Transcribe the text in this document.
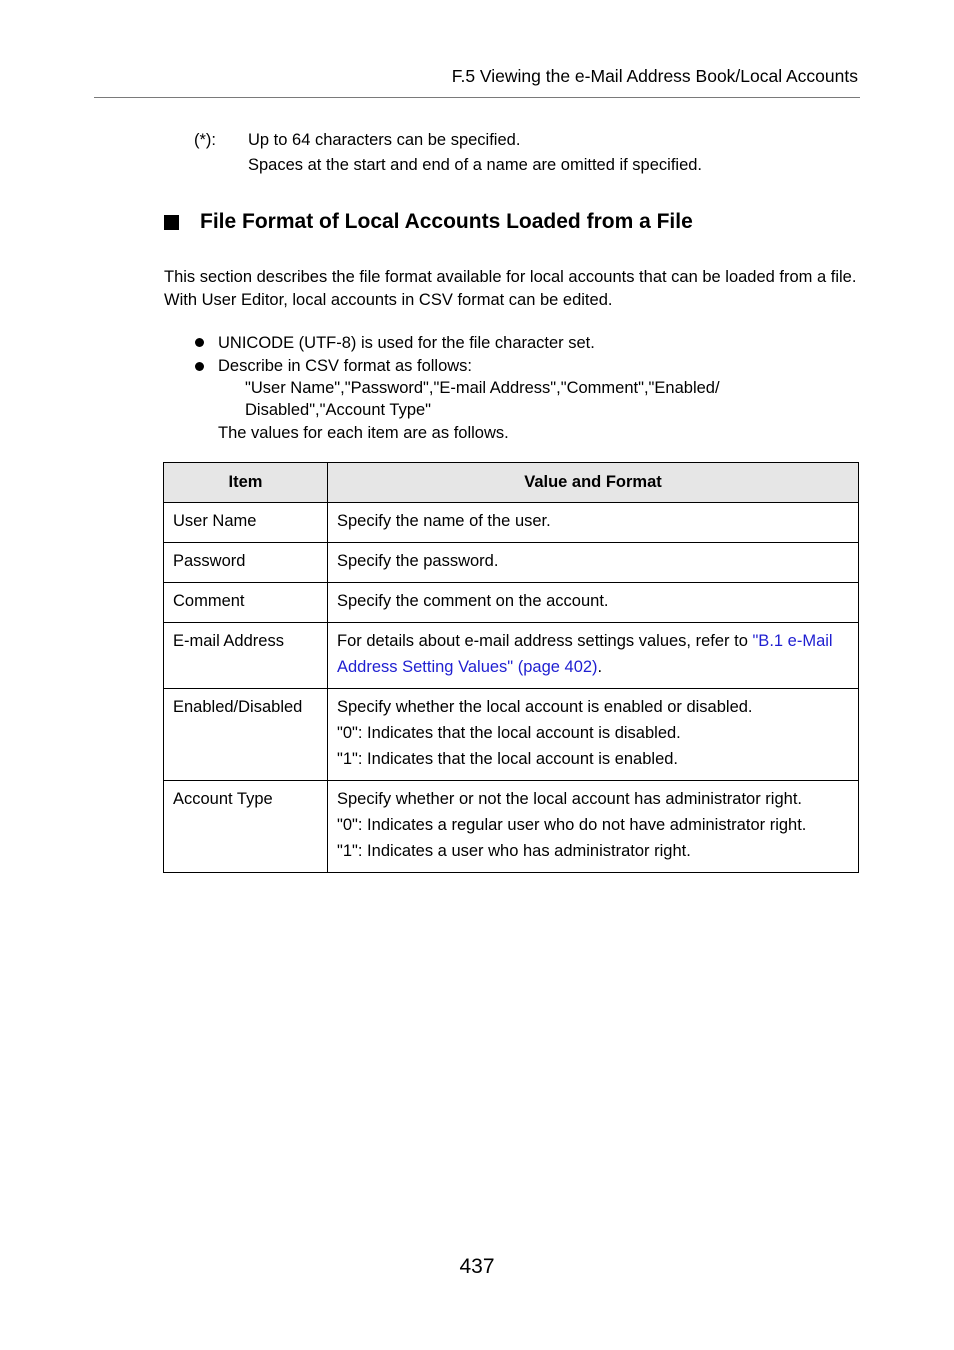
F.5 Viewing the e-Mail Address Book/Local Accounts
(*): Up to 64 characters can be specified.
Spaces at the start and end of a name are omitted if specified.
File Format of Local Accounts Loaded from a File
This section describes the file format available for local accounts that can be loaded from a file.
With User Editor, local accounts in CSV format can be edited.
UNICODE (UTF-8) is used for the file character set.
Describe in CSV format as follows:
"User Name","Password","E-mail Address","Comment","Enabled/
Disabled","Account Type"
The values for each item are as follows.
Item	Value and Format
User Name	Specify the name of the user.

Password	Specify the password.

Comment	Specify the comment on the account.

E-mail Address	For details about e-mail address settings values, refer to "B.1 e-Mail Address Setting Values" (page 402).
Enabled/Disabled	Specify whether the local account is enabled or disabled.
"0": Indicates that the local account is disabled.
"1": Indicates that the local account is enabled.

Account Type	Specify whether or not the local account has administrator right.
"0": Indicates a regular user who do not have administrator right.
"1": Indicates a user who has administrator right.
437
